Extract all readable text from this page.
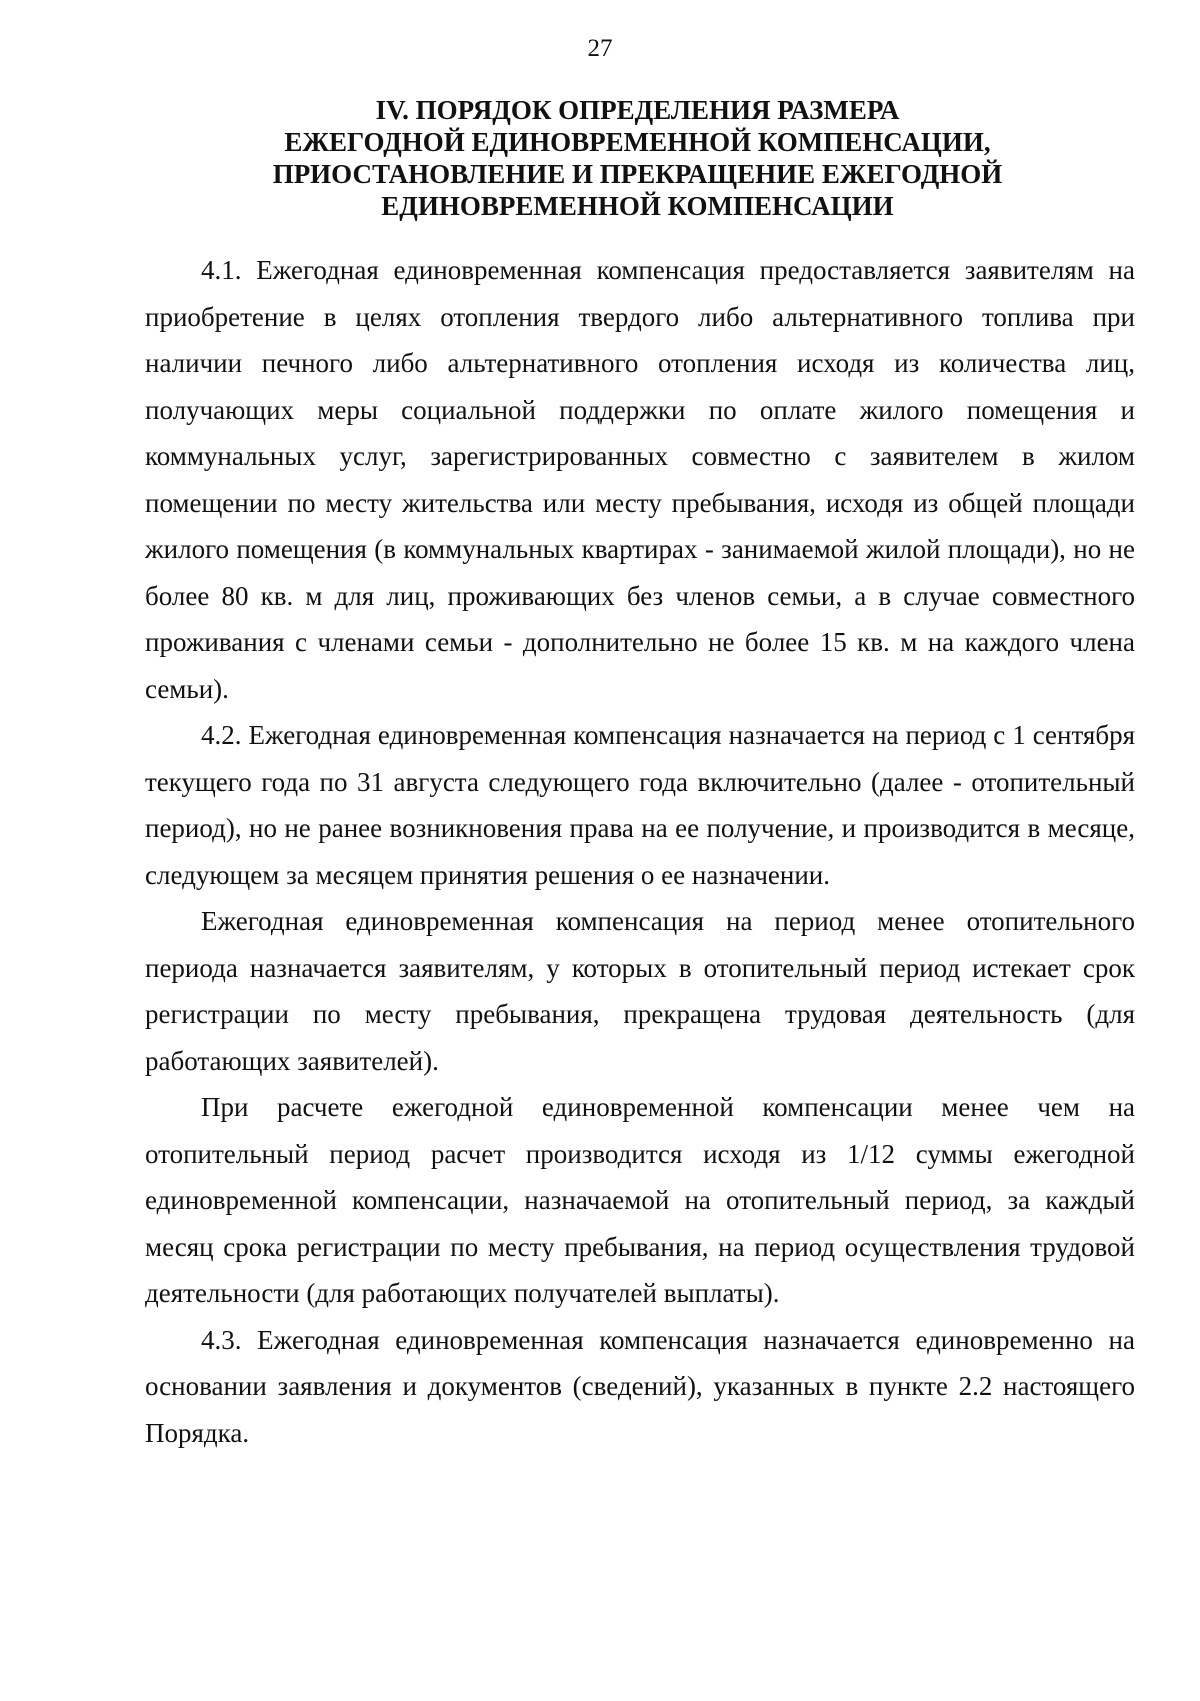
27
IV. ПОРЯДОК ОПРЕДЕЛЕНИЯ РАЗМЕРА
ЕЖЕГОДНОЙ ЕДИНОВРЕМЕННОЙ КОМПЕНСАЦИИ,
ПРИОСТАНОВЛЕНИЕ И ПРЕКРАЩЕНИЕ ЕЖЕГОДНОЙ
ЕДИНОВРЕМЕННОЙ КОМПЕНСАЦИИ

4.1. Ежегодная единовременная компенсация предоставляется заявителям на приобретение в целях отопления твердого либо альтернативного топлива при наличии печного либо альтернативного отопления исходя из количества лиц, получающих меры социальной поддержки по оплате жилого помещения и коммунальных услуг, зарегистрированных совместно с заявителем в жилом помещении по месту жительства или месту пребывания, исходя из общей площади жилого помещения (в коммунальных квартирах - занимаемой жилой площади), но не более 80 кв. м для лиц, проживающих без членов семьи, а в случае совместного проживания с членами семьи - дополнительно не более 15 кв. м на каждого члена семьи).

4.2. Ежегодная единовременная компенсация назначается на период с 1 сентября текущего года по 31 августа следующего года включительно (далее - отопительный период), но не ранее возникновения права на ее получение, и производится в месяце, следующем за месяцем принятия решения о ее назначении.

Ежегодная единовременная компенсация на период менее отопительного периода назначается заявителям, у которых в отопительный период истекает срок регистрации по месту пребывания, прекращена трудовая деятельность (для работающих заявителей).

При расчете ежегодной единовременной компенсации менее чем на отопительный период расчет производится исходя из 1/12 суммы ежегодной единовременной компенсации, назначаемой на отопительный период, за каждый месяц срока регистрации по месту пребывания, на период осуществления трудовой деятельности (для работающих получателей выплаты).

4.3. Ежегодная единовременная компенсация назначается единовременно на основании заявления и документов (сведений), указанных в пункте 2.2 настоящего Порядка.
